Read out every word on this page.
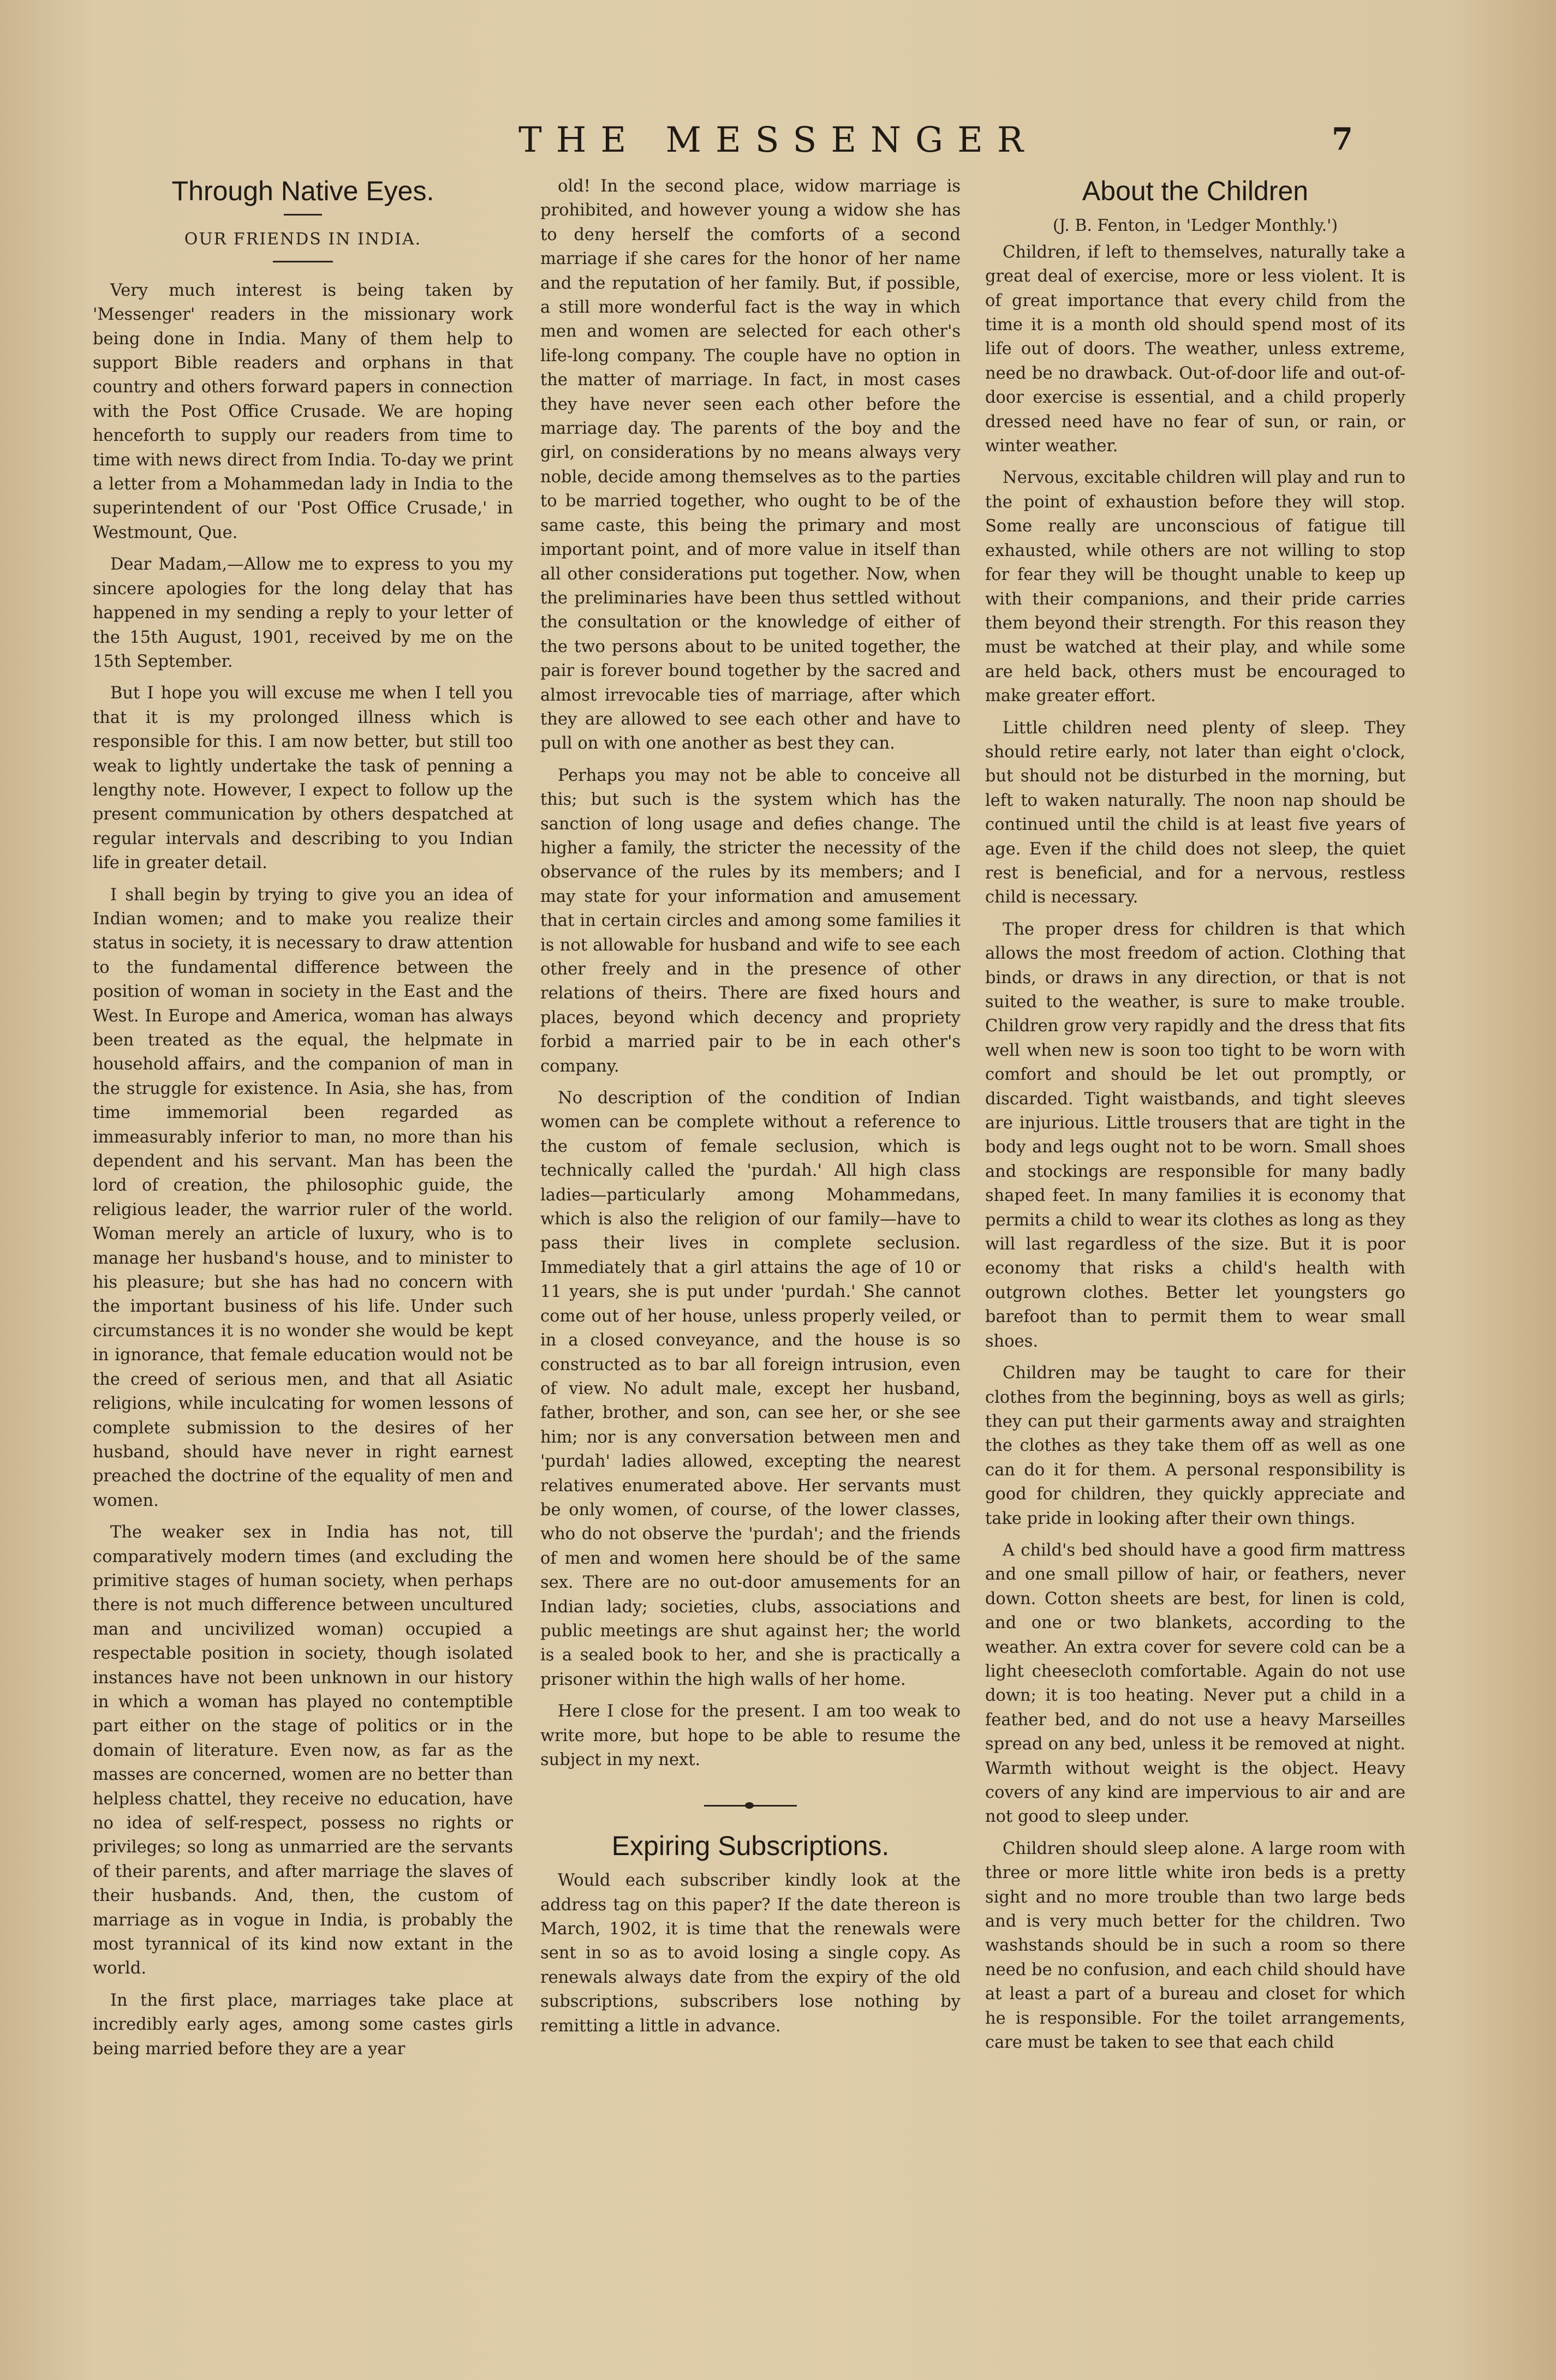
THE MESSENGER	7
Through Native Eyes.
OUR FRIENDS IN INDIA.

Very much interest is being taken by 'Messenger' readers in the missionary work being done in India. Many of them help to support Bible readers and orphans in that country and others forward papers in connection with the Post Office Crusade. We are hoping henceforth to supply our readers from time to time with news direct from India. To-day we print a letter from a Mohammedan lady in India to the superintendent of our 'Post Office Crusade,' in Westmount, Que.

Dear Madam,—Allow me to express to you my sincere apologies for the long delay that has happened in my sending a reply to your letter of the 15th August, 1901, received by me on the 15th September.

But I hope you will excuse me when I tell you that it is my prolonged illness which is responsible for this. I am now better, but still too weak to lightly undertake the task of penning a lengthy note. However, I expect to follow up the present communication by others despatched at regular intervals and describing to you Indian life in greater detail.

I shall begin by trying to give you an idea of Indian women; and to make you realize their status in society, it is necessary to draw attention to the fundamental difference between the position of woman in society in the East and the West. In Europe and America, woman has always been treated as the equal, the helpmate in household affairs, and the companion of man in the struggle for existence. In Asia, she has, from time immemorial been regarded as immeasurably inferior to man, no more than his dependent and his servant. Man has been the lord of creation, the philosophic guide, the religious leader, the warrior ruler of the world. Woman merely an article of luxury, who is to manage her husband's house, and to minister to his pleasure; but she has had no concern with the important business of his life. Under such circumstances it is no wonder she would be kept in ignorance, that female education would not be the creed of serious men, and that all Asiatic religions, while inculcating for women lessons of complete submission to the desires of her husband, should have never in right earnest preached the doctrine of the equality of men and women.

The weaker sex in India has not, till comparatively modern times (and excluding the primitive stages of human society, when perhaps there is not much difference between uncultured man and uncivilized woman) occupied a respectable position in society, though isolated instances have not been unknown in our history in which a woman has played no contemptible part either on the stage of politics or in the domain of literature. Even now, as far as the masses are concerned, women are no better than helpless chattel, they receive no education, have no idea of self-respect, possess no rights or privileges; so long as unmarried are the servants of their parents, and after marriage the slaves of their husbands. And, then, the custom of marriage as in vogue in India, is probably the most tyrannical of its kind now extant in the world.

In the first place, marriages take place at incredibly early ages, among some castes girls being married before they are a year

old! In the second place, widow marriage is prohibited, and however young a widow she has to deny herself the comforts of a second marriage if she cares for the honor of her name and the reputation of her family. But, if possible, a still more wonderful fact is the way in which men and women are selected for each other's life-long company. The couple have no option in the matter of marriage. In fact, in most cases they have never seen each other before the marriage day. The parents of the boy and the girl, on considerations by no means always very noble, decide among themselves as to the parties to be married together, who ought to be of the same caste, this being the primary and most important point, and of more value in itself than all other considerations put together. Now, when the preliminaries have been thus settled without the consultation or the knowledge of either of the two persons about to be united together, the pair is forever bound together by the sacred and almost irrevocable ties of marriage, after which they are allowed to see each other and have to pull on with one another as best they can.

Perhaps you may not be able to conceive all this; but such is the system which has the sanction of long usage and defies change. The higher a family, the stricter the necessity of the observance of the rules by its members; and I may state for your information and amusement that in certain circles and among some families it is not allowable for husband and wife to see each other freely and in the presence of other relations of theirs. There are fixed hours and places, beyond which decency and propriety forbid a married pair to be in each other's company.

No description of the condition of Indian women can be complete without a reference to the custom of female seclusion, which is technically called the 'purdah.' All high class ladies—particularly among Mohammedans, which is also the religion of our family—have to pass their lives in complete seclusion. Immediately that a girl attains the age of 10 or 11 years, she is put under 'purdah.' She cannot come out of her house, unless properly veiled, or in a closed conveyance, and the house is so constructed as to bar all foreign intrusion, even of view. No adult male, except her husband, father, brother, and son, can see her, or she see him; nor is any conversation between men and 'purdah' ladies allowed, excepting the nearest relatives enumerated above. Her servants must be only women, of course, of the lower classes, who do not observe the 'purdah'; and the friends of men and women here should be of the same sex. There are no out-door amusements for an Indian lady; societies, clubs, associations and public meetings are shut against her; the world is a sealed book to her, and she is practically a prisoner within the high walls of her home.

Here I close for the present. I am too weak to write more, but hope to be able to resume the subject in my next.

Expiring Subscriptions.

Would each subscriber kindly look at the address tag on this paper? If the date thereon is March, 1902, it is time that the renewals were sent in so as to avoid losing a single copy. As renewals always date from the expiry of the old subscriptions, subscribers lose nothing by remitting a little in advance.

About the Children
(J. B. Fenton, in 'Ledger Monthly.')

Children, if left to themselves, naturally take a great deal of exercise, more or less violent. It is of great importance that every child from the time it is a month old should spend most of its life out of doors. The weather, unless extreme, need be no drawback. Out-of-door life and out-of-door exercise is essential, and a child properly dressed need have no fear of sun, or rain, or winter weather.

Nervous, excitable children will play and run to the point of exhaustion before they will stop. Some really are unconscious of fatigue till exhausted, while others are not willing to stop for fear they will be thought unable to keep up with their companions, and their pride carries them beyond their strength. For this reason they must be watched at their play, and while some are held back, others must be encouraged to make greater effort.

Little children need plenty of sleep. They should retire early, not later than eight o'clock, but should not be disturbed in the morning, but left to waken naturally. The noon nap should be continued until the child is at least five years of age. Even if the child does not sleep, the quiet rest is beneficial, and for a nervous, restless child is necessary.

The proper dress for children is that which allows the most freedom of action. Clothing that binds, or draws in any direction, or that is not suited to the weather, is sure to make trouble. Children grow very rapidly and the dress that fits well when new is soon too tight to be worn with comfort and should be let out promptly, or discarded. Tight waistbands, and tight sleeves are injurious. Little trousers that are tight in the body and legs ought not to be worn. Small shoes and stockings are responsible for many badly shaped feet. In many families it is economy that permits a child to wear its clothes as long as they will last regardless of the size. But it is poor economy that risks a child's health with outgrown clothes. Better let youngsters go barefoot than to permit them to wear small shoes.

Children may be taught to care for their clothes from the beginning, boys as well as girls; they can put their garments away and straighten the clothes as they take them off as well as one can do it for them. A personal responsibility is good for children, they quickly appreciate and take pride in looking after their own things.

A child's bed should have a good firm mattress and one small pillow of hair, or feathers, never down. Cotton sheets are best, for linen is cold, and one or two blankets, according to the weather. An extra cover for severe cold can be a light cheesecloth comfortable. Again do not use down; it is too heating. Never put a child in a feather bed, and do not use a heavy Marseilles spread on any bed, unless it be removed at night. Warmth without weight is the object. Heavy covers of any kind are impervious to air and are not good to sleep under.

Children should sleep alone. A large room with three or more little white iron beds is a pretty sight and no more trouble than two large beds and is very much better for the children. Two washstands should be in such a room so there need be no confusion, and each child should have at least a part of a bureau and closet for which he is responsible. For the toilet arrangements, care must be taken to see that each child
